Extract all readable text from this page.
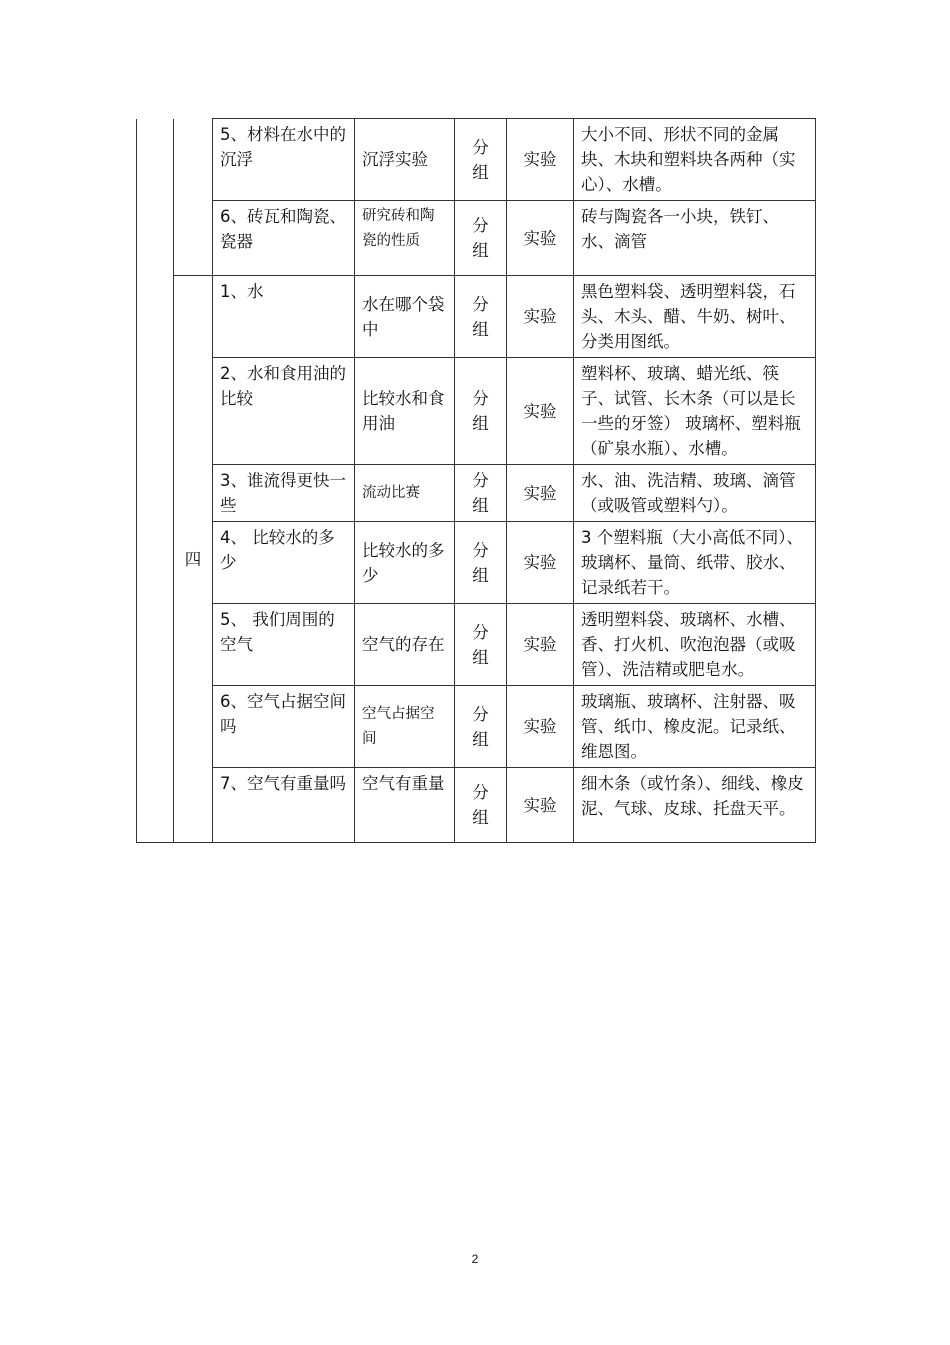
		5、材料在水中的沉浮	沉浮实验	分组	实验	大小不同、形状不同的金属块、木块和塑料块各两种（实心）、水槽。
		6、砖瓦和陶瓷、瓷器	研究砖和陶瓷的性质	分组	实验	砖与陶瓷各一小块，铁钉、水、滴管
	四	1、水	水在哪个袋中	分组	实验	黑色塑料袋、透明塑料袋，石头、木头、醋、牛奶、树叶、分类用图纸。
		2、水和食用油的比较	比较水和食用油	分组	实验	塑料杯、玻璃、蜡光纸、筷子、试管、长木条（可以是长一些的牙签） 玻璃杯、塑料瓶（矿泉水瓶）、水槽。
		3、谁流得更快一些	流动比赛	分组	实验	水、油、洗洁精、玻璃、滴管（或吸管或塑料勺）。
		4、 比较水的多少	比较水的多少	分组	实验	3 个塑料瓶（大小高低不同）、玻璃杯、量筒、纸带、胶水、记录纸若干。
		5、 我们周围的空气	空气的存在	分组	实验	透明塑料袋、玻璃杯、水槽、香、打火机、吹泡泡器（或吸管）、洗洁精或肥皂水。
		6、空气占据空间吗	空气占据空间	分组	实验	玻璃瓶、玻璃杯、注射器、吸管、纸巾、橡皮泥。记录纸、维恩图。
		7、空气有重量吗	空气有重量	分组	实验	细木条（或竹条）、细线、橡皮泥、气球、皮球、托盘天平。
2
